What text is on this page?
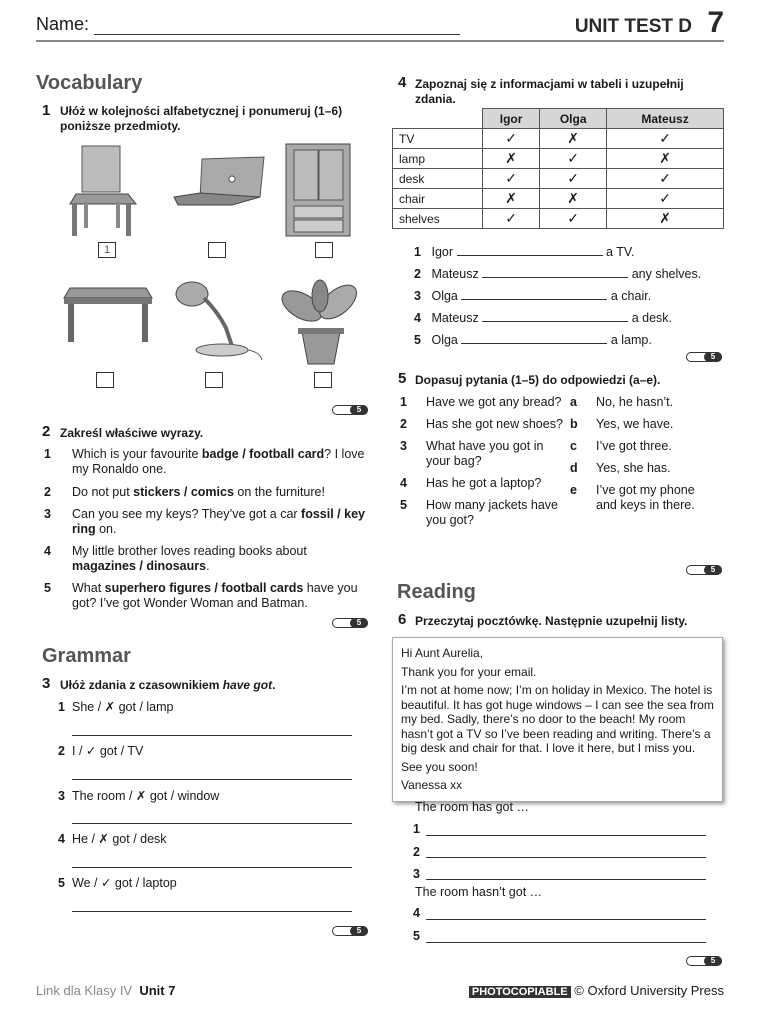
Name:	UNIT TEST D 7
Vocabulary
1 Ułóż w kolejności alfabetycznej i ponumeruj (1–6) poniższe przedmioty.
1
5
2 Zakreśl właściwe wyrazy.
1 Which is your favourite badge / football card? I love my Ronaldo one.
2 Do not put stickers / comics on the furniture!
3 Can you see my keys? They’ve got a car fossil / key ring on.
4 My little brother loves reading books about magazines / dinosaurs.
5 What superhero figures / football cards have you got? I’ve got Wonder Woman and Batman.
5
Grammar
3 Ułóż zdania z czasownikiem have got.
1 She / ✗ got / lamp
2 I / ✓ got / TV
3 The room / ✗ got / window
4 He / ✗ got / desk
5 We / ✓ got / laptop
5
4 Zapoznaj się z informacjami w tabeli i uzupełnij zdania.
	Igor	Olga	Mateusz
TV	✓	✗	✓
lamp	✗	✓	✗
desk	✓	✓	✓
chair	✗	✗	✓
shelves	✓	✓	✗
1 Igor	a TV.
2 Mateusz	any shelves.
3 Olga	a chair.
4 Mateusz	a desk.
5 Olga	a lamp.
5
5 Dopasuj pytania (1–5) do odpowiedzi (a–e).
1 Have we got any bread?
2 Has she got new shoes?
3 What have you got in your bag?
4 Has he got a laptop?
5 How many jackets have you got?
a No, he hasn’t.
b Yes, we have.
c I’ve got three.
d Yes, she has.
e I’ve got my phone and keys in there.
5
Reading
6 Przeczytaj pocztówkę. Następnie uzupełnij listy.

Hi Aunt Aurelia,

Thank you for your email.

I’m not at home now; I’m on holiday in Mexico. The hotel is beautiful. It has got huge windows – I can see the sea from my bed. Sadly, there’s no door to the beach! My room hasn’t got a TV so I’ve been reading and writing. There’s a big desk and chair for that. I love it here, but I miss you.

See you soon!

Vanessa xx

The room has got …
1
2
3
The room hasn’t got …
4
5
5
Link dla Klasy IV Unit 7	PHOTOCOPIABLE © Oxford University Press
